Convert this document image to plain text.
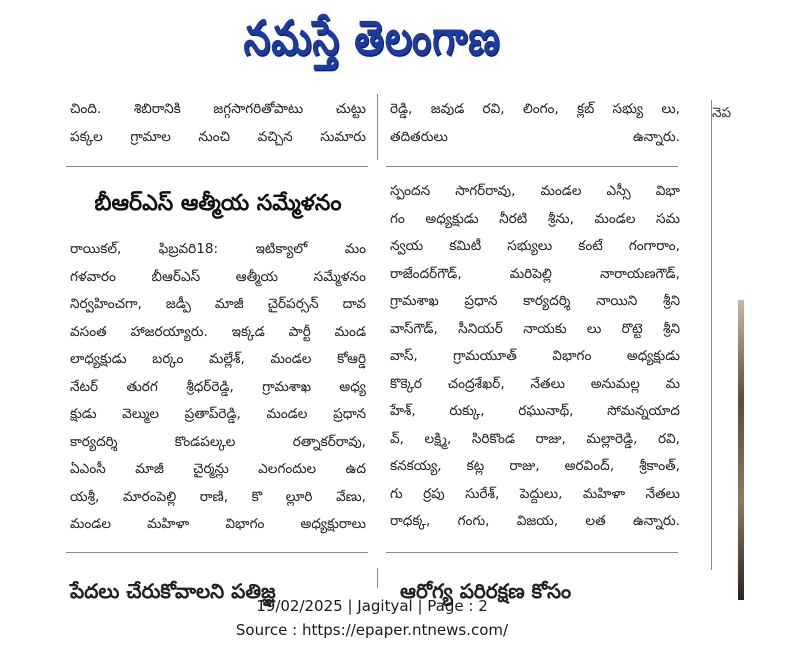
నమస్తే తెలంగాణ
చింది. శిబిరానికి జగ్గసాగరితోపాటు చుట్టు
పక్కల గ్రామాల నుంచి వచ్చిన సుమారు
రెడ్డి, జవుడ రవి, లింగం, క్లబ్ సభ్యు లు,
తదితరులు ఉన్నారు.
బీఆర్ఎస్ ఆత్మీయ సమ్మేళనం
రాయికల్, ఫిబ్రవరి18: ఇటిక్యాలో మం
గళవారం బీఆర్ఎస్ ఆత్మీయ సమ్మేళనం
నిర్వహించగా, జడ్పీ మాజీ చైర్‌పర్సన్ దావ
వసంత హాజరయ్యారు. ఇక్కడ పార్టీ మండ
లాధ్యక్షుడు బర్కం మల్లేశ్, మండల కోఆర్డి
నేటర్ తురగ శ్రీధర్‌రెడ్డి, గ్రామశాఖ అధ్య
క్షుడు వెల్ముల ప్రతాప్‌రెడ్డి, మండల ప్రధాన
కార్యదర్శి కొండపల్కల రత్నాకర్‌రావు,
ఏఎంసీ మాజీ చైర్మన్లు ఎలగందుల ఉద
యశ్రీ, మారంపెల్లి రాణి, కొ ల్లూరి వేణు,
మండల మహిళా విభాగం అధ్యక్షురాలు
స్పందన సాగర్‌రావు, మండల ఎస్సీ విభా
గం అధ్యక్షుడు నీరటి శ్రీను, మండల సమ
న్వయ కమిటీ సభ్యులు కంటే గంగారాం,
రాజేందర్‌గౌడ్, మరిపెల్లి నారాయణగౌడ్,
గ్రామశాఖ ప్రధాన కార్యదర్శి నాయిని శ్రీని
వాస్‌గౌడ్, సీనియర్ నాయకు లు రొట్టె శ్రీని
వాస్, గ్రామయూత్ విభాగం అధ్యక్షుడు
కొక్కెర చంద్రశేఖర్, నేతలు అనుమల్ల మ
హేశ్, రుక్కు, రఘునాథ్, సోమన్నయాద
వ్, లక్ష్మి, సిరికొండ రాజు, మల్లారెడ్డి, రవి,
కనకయ్య, కట్ల రాజు, అరవింద్, శ్రీకాంత్,
గు ర్రపు సురేశ్, పెద్దులు, మహిళా నేతలు
రాధక్క, గంగు, విజయ, లత ఉన్నారు.
పేదలు చేరుకోవాలని పతిజ్ఞ	ఆరోగ్య పరిరక్షణ కోసం
నెప
19/02/2025 | Jagityal | Page : 2
Source : https://epaper.ntnews.com/
